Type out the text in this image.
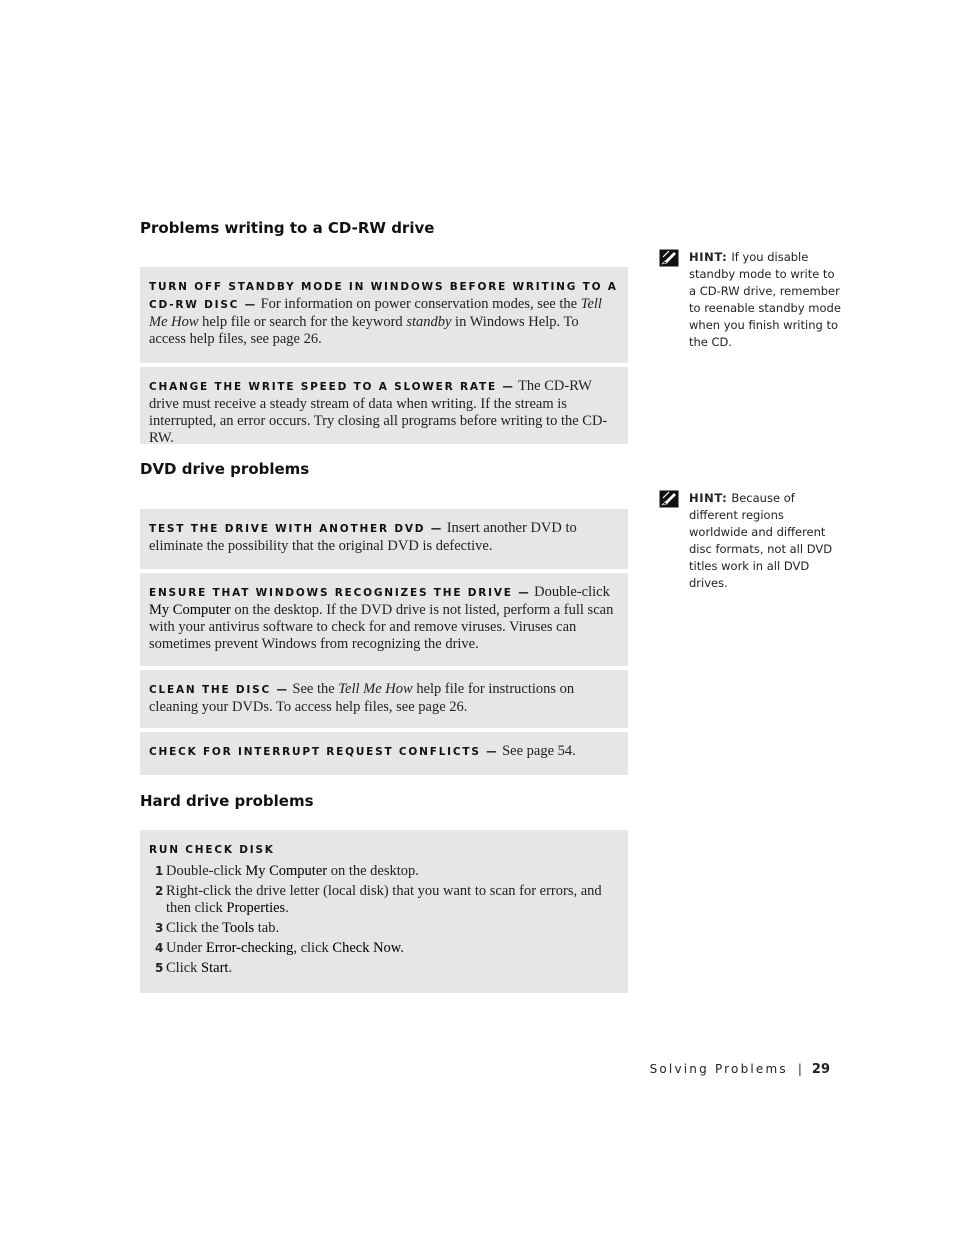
Problems writing to a CD-RW drive

TURN OFF STANDBY MODE IN WINDOWS BEFORE WRITING TO A CD-RW DISC — For information on power conservation modes, see the Tell Me How help file or search for the keyword standby in Windows Help. To access help files, see page 26.

CHANGE THE WRITE SPEED TO A SLOWER RATE — The CD-RW drive must receive a steady stream of data when writing. If the stream is interrupted, an error occurs. Try closing all programs before writing to the CD-RW.

DVD drive problems

TEST THE DRIVE WITH ANOTHER DVD — Insert another DVD to eliminate the possibility that the original DVD is defective.

ENSURE THAT WINDOWS RECOGNIZES THE DRIVE — Double-click My Computer on the desktop. If the DVD drive is not listed, perform a full scan with your antivirus software to check for and remove viruses. Viruses can sometimes prevent Windows from recognizing the drive.

CLEAN THE DISC — See the Tell Me How help file for instructions on cleaning your DVDs. To access help files, see page 26.

CHECK FOR INTERRUPT REQUEST CONFLICTS — See page 54.

Hard drive problems

RUN CHECK DISK

1 Double-click My Computer on the desktop.
2 Right-click the drive letter (local disk) that you want to scan for errors, and then click Properties.
3 Click the Tools tab.
4 Under Error-checking, click Check Now.
5 Click Start.
HINT: If you disable standby mode to write to a CD-RW drive, remember to reenable standby mode when you finish writing to the CD.
HINT: Because of different regions worldwide and different disc formats, not all DVD titles work in all DVD drives.
Solving Problems | 29
